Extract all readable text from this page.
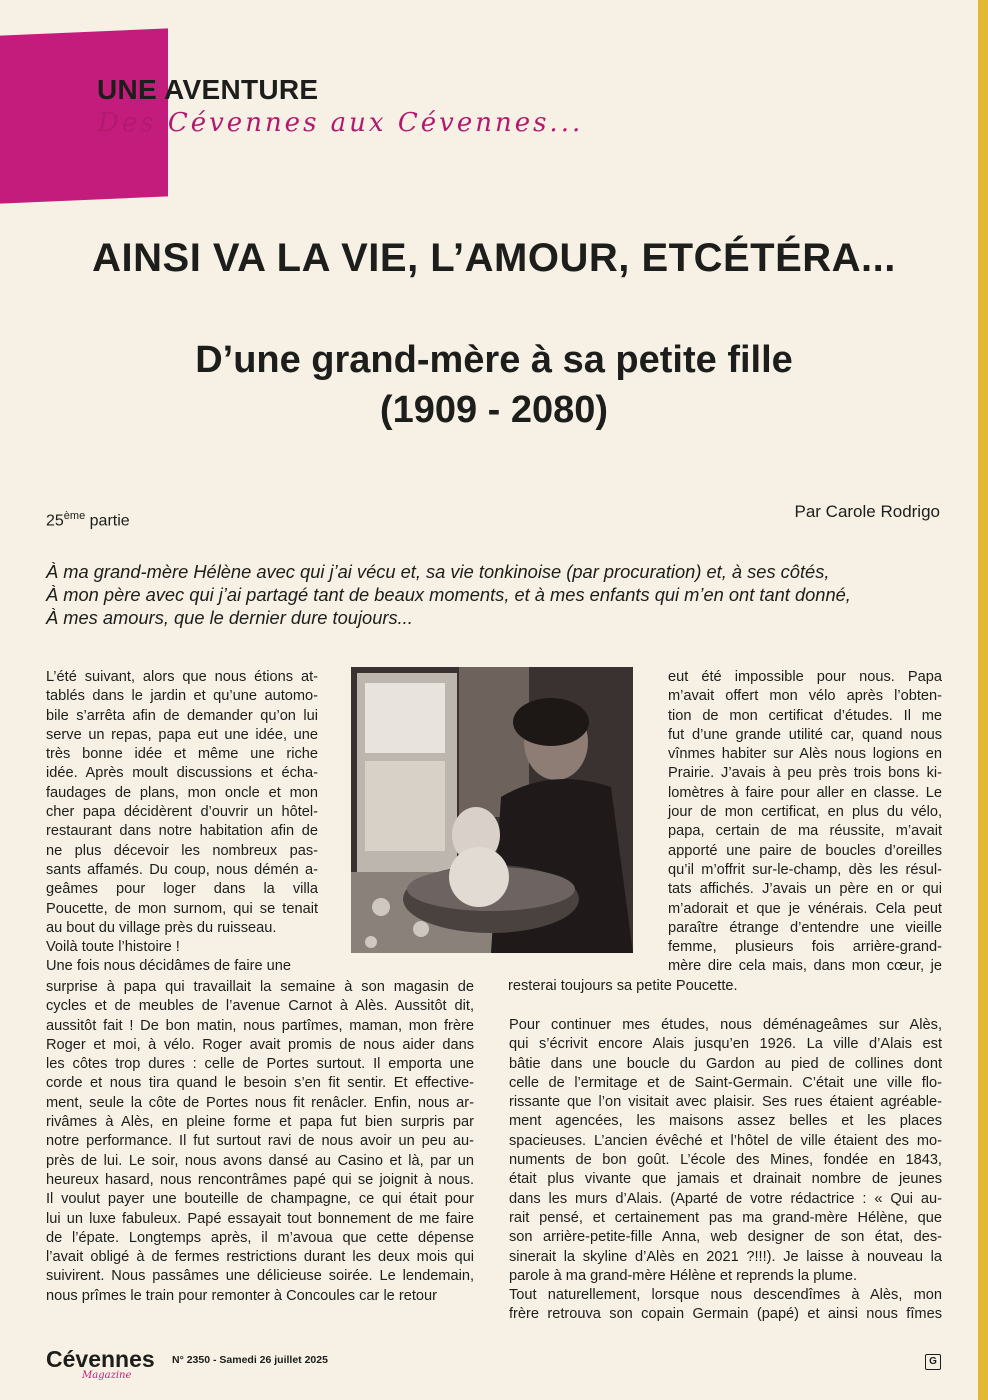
UNE AVENTURE
Des Cévennes aux Cévennes...
AINSI VA LA VIE, L’AMOUR, ETCÉTÉRA...
D’une grand-mère à sa petite fille
(1909 - 2080)
25ème partie	Par Carole Rodrigo
À ma grand-mère Hélène avec qui j’ai vécu et, sa vie tonkinoise (par procuration) et, à ses côtés,
À mon père avec qui j’ai partagé tant de beaux moments, et à mes enfants qui m’en ont tant donné,
À mes amours, que le dernier dure toujours...
L’été suivant, alors que nous étions at-
tablés dans le jardin et qu’une automo-
bile s’arrêta afin de demander qu’on lui
serve un repas, papa eut une idée, une
très bonne idée et même une riche
idée. Après moult discussions et écha-
faudages de plans, mon oncle et mon
cher papa décidèrent d’ouvrir un hôtel-
restaurant dans notre habitation afin de
ne plus décevoir les nombreux pas-
sants affamés. Du coup, nous démén a-
geâmes pour loger dans la villa
Poucette, de mon surnom, qui se tenait
au bout du village près du ruisseau.
Voilà toute l’histoire !
Une fois nous décidâmes de faire une
eut été impossible pour nous. Papa
m’avait offert mon vélo après l’obten-
tion de mon certificat d’études. Il me
fut d’une grande utilité car, quand nous
vînmes habiter sur Alès nous logions en
Prairie. J’avais à peu près trois bons ki-
lomètres à faire pour aller en classe. Le
jour de mon certificat, en plus du vélo,
papa, certain de ma réussite, m’avait
apporté une paire de boucles d’oreilles
qu’il m’offrit sur-le-champ, dès les résul-
tats affichés. J’avais un père en or qui
m’adorait et que je vénérais. Cela peut
paraître étrange d’entendre une vieille
femme, plusieurs fois arrière-grand-
mère dire cela mais, dans mon cœur, je
resterai toujours sa petite Poucette.
surprise à papa qui travaillait la semaine à son magasin de
cycles et de meubles de l’avenue Carnot à Alès. Aussitôt dit,
aussitôt fait ! De bon matin, nous partîmes, maman, mon frère
Roger et moi, à vélo. Roger avait promis de nous aider dans
les côtes trop dures : celle de Portes surtout. Il emporta une
corde et nous tira quand le besoin s’en fit sentir. Et effective-
ment, seule la côte de Portes nous fit renâcler. Enfin, nous ar-
rivâmes à Alès, en pleine forme et papa fut bien surpris par
notre performance. Il fut surtout ravi de nous avoir un peu au-
près de lui. Le soir, nous avons dansé au Casino et là, par un
heureux hasard, nous rencontrâmes papé qui se joignit à nous.
Il voulut payer une bouteille de champagne, ce qui était pour
lui un luxe fabuleux. Papé essayait tout bonnement de me faire
de l’épate. Longtemps après, il m’avoua que cette dépense
l’avait obligé à de fermes restrictions durant les deux mois qui
suivirent. Nous passâmes une délicieuse soirée. Le lendemain,
nous prîmes le train pour remonter à Concoules car le retour
Pour continuer mes études, nous déménageâmes sur Alès,
qui s’écrivit encore Alais jusqu’en 1926. La ville d’Alais est
bâtie dans une boucle du Gardon au pied de collines dont
celle de l’ermitage et de Saint-Germain. C’était une ville flo-
rissante que l’on visitait avec plaisir. Ses rues étaient agréable-
ment agencées, les maisons assez belles et les places
spacieuses. L’ancien évêché et l’hôtel de ville étaient des mo-
numents de bon goût. L’école des Mines, fondée en 1843,
était plus vivante que jamais et drainait nombre de jeunes
dans les murs d’Alais. (Aparté de votre rédactrice : « Qui au-
rait pensé, et certainement pas ma grand-mère Hélène, que
son arrière-petite-fille Anna, web designer de son état, des-
sinerait la skyline d’Alès en 2021 ?!!!). Je laisse à nouveau la
parole à ma grand-mère Hélène et reprends la plume.
Tout naturellement, lorsque nous descendîmes à Alès, mon
frère retrouva son copain Germain (papé) et ainsi nous fîmes
Cévennes
Magazine
N° 2350 - Samedi 26 juillet 2025	G
